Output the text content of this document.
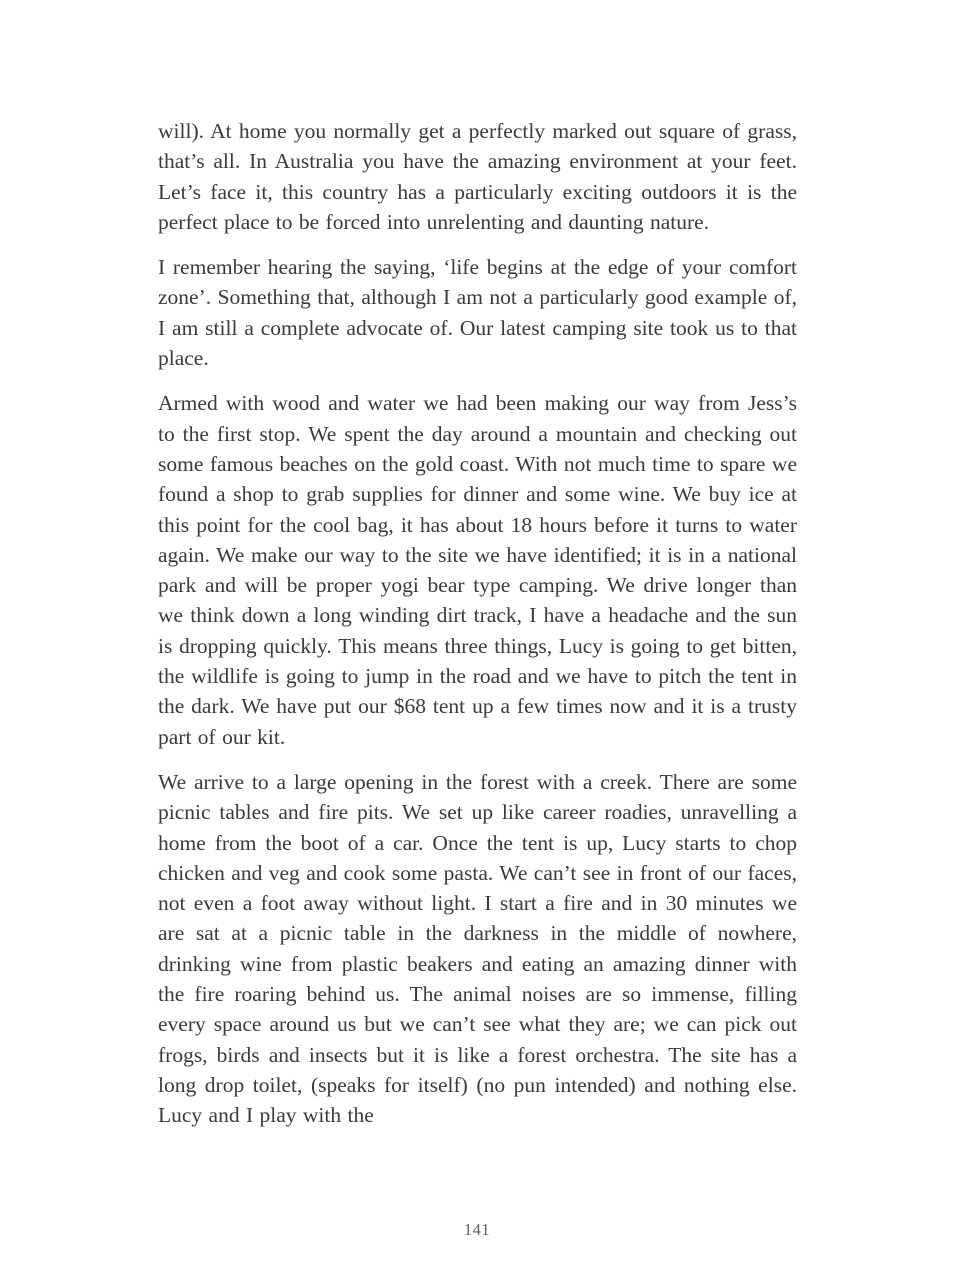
will). At home you normally get a perfectly marked out square of grass, that’s all. In Australia you have the amazing environment at your feet. Let’s face it, this country has a particularly exciting outdoors it is the perfect place to be forced into unrelenting and daunting nature.

I remember hearing the saying, ‘life begins at the edge of your comfort zone’. Something that, although I am not a particularly good example of, I am still a complete advocate of. Our latest camping site took us to that place.

Armed with wood and water we had been making our way from Jess’s to the first stop. We spent the day around a mountain and checking out some famous beaches on the gold coast. With not much time to spare we found a shop to grab supplies for dinner and some wine. We buy ice at this point for the cool bag, it has about 18 hours before it turns to water again. We make our way to the site we have identified; it is in a national park and will be proper yogi bear type camping. We drive longer than we think down a long winding dirt track, I have a headache and the sun is dropping quickly. This means three things, Lucy is going to get bitten, the wildlife is going to jump in the road and we have to pitch the tent in the dark. We have put our $68 tent up a few times now and it is a trusty part of our kit.

We arrive to a large opening in the forest with a creek. There are some picnic tables and fire pits. We set up like career roadies, unravelling a home from the boot of a car. Once the tent is up, Lucy starts to chop chicken and veg and cook some pasta. We can’t see in front of our faces, not even a foot away without light. I start a fire and in 30 minutes we are sat at a picnic table in the darkness in the middle of nowhere, drinking wine from plastic beakers and eating an amazing dinner with the fire roaring behind us. The animal noises are so immense, filling every space around us but we can’t see what they are; we can pick out frogs, birds and insects but it is like a forest orchestra. The site has a long drop toilet, (speaks for itself) (no pun intended) and nothing else. Lucy and I play with the

141
